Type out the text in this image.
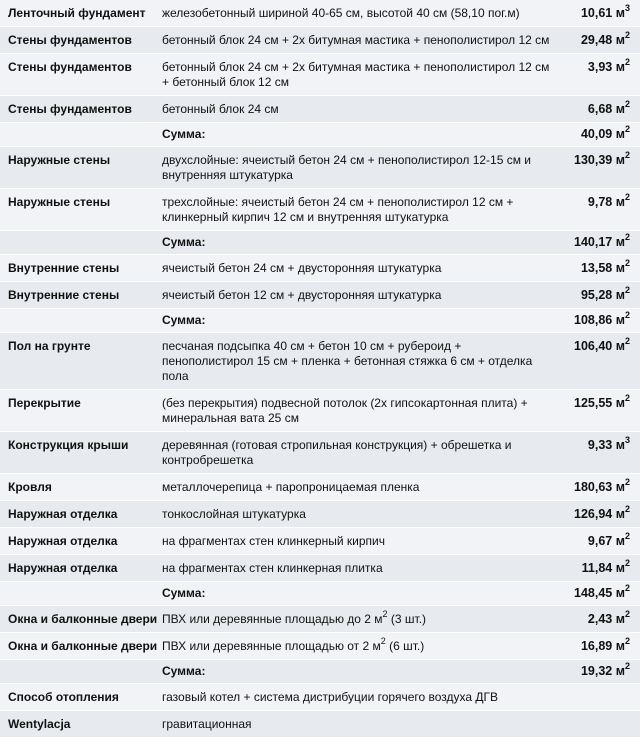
Ленточный фундамент	железобетонный шириной 40-65 см, высотой 40 см (58,10 пог.м)	10,61 $м^3$
Стены фундаментов	бетонный блок 24 см + 2х битумная мастика + пенополистирол 12 см	29,48 $м^2$
Стены фундаментов	бетонный блок 24 см + 2х битумная мастика + пенополистирол 12 см + бетонный блок 12 см	3,93 $м^2$
Стены фундаментов	бетонный блок 24 см	6,68 $м^2$
	Сумма:	40,09 $м^2$
Наружные стены	двухслойные: ячеистый бетон 24 см + пенополистирол 12-15 см и внутренняя штукатурка	130,39 $м^2$
Наружные стены	трехслойные: ячеистый бетон 24 см + пенополистирол 12 см + клинкерный кирпич 12 см и внутренняя штукатурка	9,78 $м^2$
	Сумма:	140,17 $м^2$
Внутренние стены	ячеистый бетон 24 см + двусторонняя штукатурка	13,58 $м^2$
Внутренние стены	ячеистый бетон 12 см + двусторонняя штукатурка	95,28 $м^2$
	Сумма:	108,86 $м^2$
Пол на грунте	песчаная подсыпка 40 см + бетон 10 см + рубероид + пенополистирол 15 см + пленка + бетонная стяжка 6 см + отделка пола	106,40 $м^2$
Перекрытие	(без перекрытия) подвесной потолок (2х гипсокартонная плита) + минеральная вата 25 см	125,55 $м^2$
Конструкция крыши	деревянная (готовая стропильная конструкция) + обрешетка и контробрешетка	9,33 $м^3$
Кровля	металлочерепица + паропроницаемая пленка	180,63 $м^2$
Наружная отделка	тонкослойная штукатурка	126,94 $м^2$
Наружная отделка	на фрагментах стен клинкерный кирпич	9,67 $м^2$
Наружная отделка	на фрагментах стен клинкерная плитка	11,84 $м^2$
	Сумма:	148,45 $м^2$
Окна и балконные двери	ПВХ или деревянные площадью до 2 $м^2$ (3 шт.)	2,43 $м^2$
Окна и балконные двери	ПВХ или деревянные площадью от 2 $м^2$ (6 шт.)	16,89 $м^2$
	Сумма:	19,32 $м^2$
Способ отопления	газовый котел + система дистрибуции горячего воздуха ДГВ	
Wentylacja	гравитационная	
